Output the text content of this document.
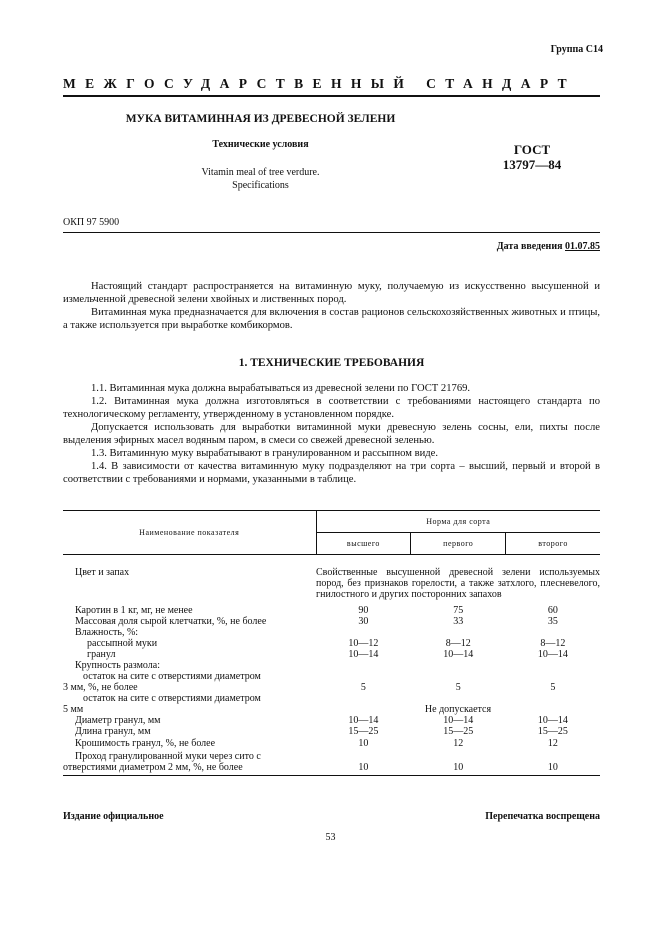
Группа С14
МЕЖГОСУДАРСТВЕННЫЙ СТАНДАРТ
МУКА ВИТАМИННАЯ ИЗ ДРЕВЕСНОЙ ЗЕЛЕНИ
Технические условия
Vitamin meal of tree verdure.
Specifications
ГОСТ
13797—84
ОКП 97 5900
Дата введения 01.07.85

Настоящий стандарт распространяется на витаминную муку, получаемую из искусственно высушенной и измельченной древесной зелени хвойных и лиственных пород.

Витаминная мука предназначается для включения в состав рационов сельскохозяйственных животных и птицы, а также используется при выработке комбикормов.

1. ТЕХНИЧЕСКИЕ ТРЕБОВАНИЯ

1.1. Витаминная мука должна вырабатываться из древесной зелени по ГОСТ 21769.

1.2. Витаминная мука должна изготовляться в соответствии с требованиями настоящего стандарта по технологическому регламенту, утвержденному в установленном порядке.

Допускается использовать для выработки витаминной муки древесную зелень сосны, ели, пихты после выделения эфирных масел водяным паром, в смеси со свежей древесной зеленью.

1.3. Витаминную муку вырабатывают в гранулированном и рассыпном виде.

1.4. В зависимости от качества витаминную муку подразделяют на три сорта – высший, первый и второй в соответствии с требованиями и нормами, указанными в таблице.

Наименование показателя	Норма для сорта		
	высшего	первого	второго
Цвет и запах	Свойственные высушенной древесной зелени используемых пород, без признаков горелости, а также затхлого, плесневелого, гнилостного и других посторонних запахов		
Каротин в 1 кг, мг, не менее	90	75	60
Массовая доля сырой клетчатки, %, не более	30	33	35
Влажность, %:			
рассыпной муки	10—12	8—12	8—12
гранул	10—14	10—14	10—14
Крупность размола:			

остаток на сите с отверстиями диаметром
3 мм, %, не более	5	5	5

остаток на сите с отверстиями диаметром
5 мм	Не допускается		
Диаметр гранул, мм	10—14	10—14	10—14
Длина гранул, мм	15—25	15—25	15—25
Крошимость гранул, %, не более	10	12	12

Проход гранулированной муки через сито с
отверстиями диаметром 2 мм, %, не более	10	10	10
Издание официальное	Перепечатка воспрещена
53
